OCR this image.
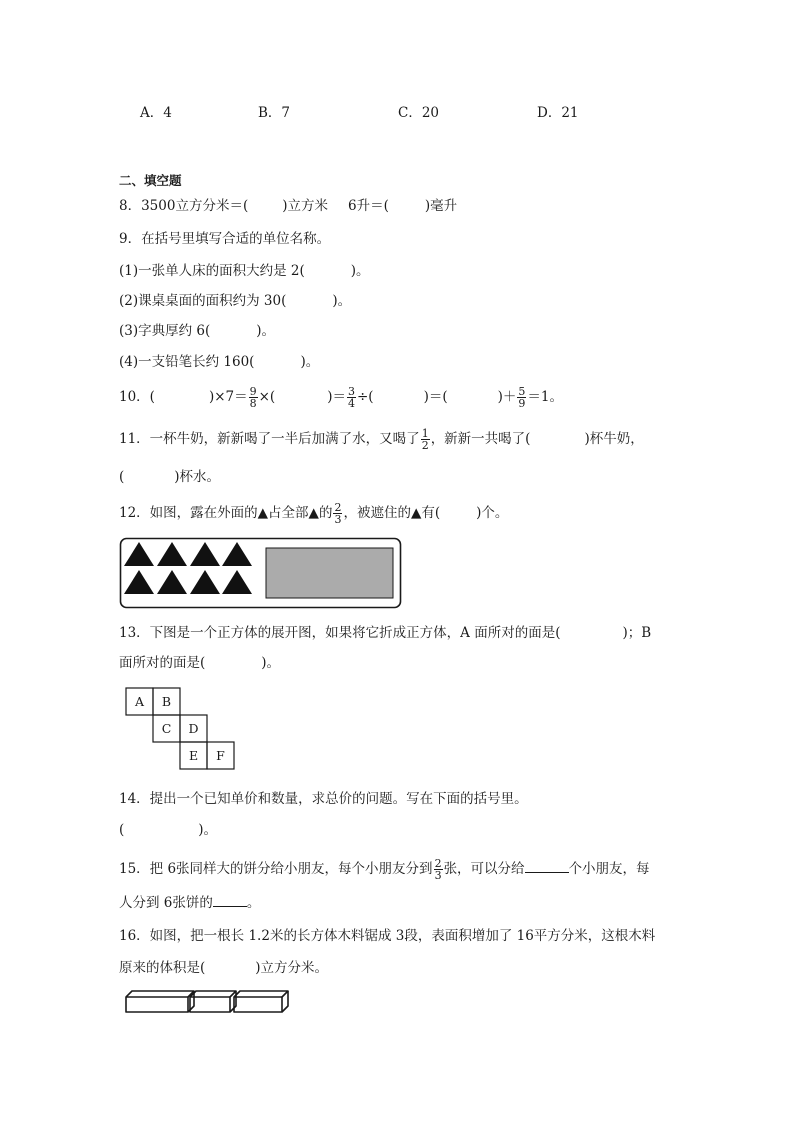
A．4	B．7	C．20	D．21
二、填空题
8．3500立方分米＝(	)立方米 6升＝(	)毫升
9．在括号里填写合适的单位名称。
(1)一张单人床的面积大约是 2(	)。
(2)课桌桌面的面积约为 30(	)。
(3)字典厚约 6(	)。
(4)一支铅笔长约 160(	)。
10．(	)$\times 7= \frac{9}{8}$ ×(	)＝ $\frac{3}{4}$ ÷(	)＝(	)＋ $\frac{5}{9} =1$。
11．一杯牛奶，新新喝了一半后加满了水，又喝了 $\frac{1}{2}$ ，新新一共喝了(	)杯牛奶，
(	)杯水。
12．如图，露在外面的▲占全部▲的 $\frac{2}{3}$ ，被遮住的▲有(	)个。
13．下图是一个正方体的展开图，如果将它折成正方体，A 面所对的面是(	)；B
面所对的面是(	)。
A B
C D
E F
14．提出一个已知单价和数量，求总价的问题。写在下面的括号里。
(	)。
15．把 6张同样大的饼分给小朋友，每个小朋友分到 $\frac{2}{3}$ 张，可以分给	个小朋友，每
人分到 6张饼的	。
16．如图，把一根长 1.2米的长方体木料锯成 3段，表面积增加了 16平方分米，这根木料
原来的体积是(	)立方分米。
